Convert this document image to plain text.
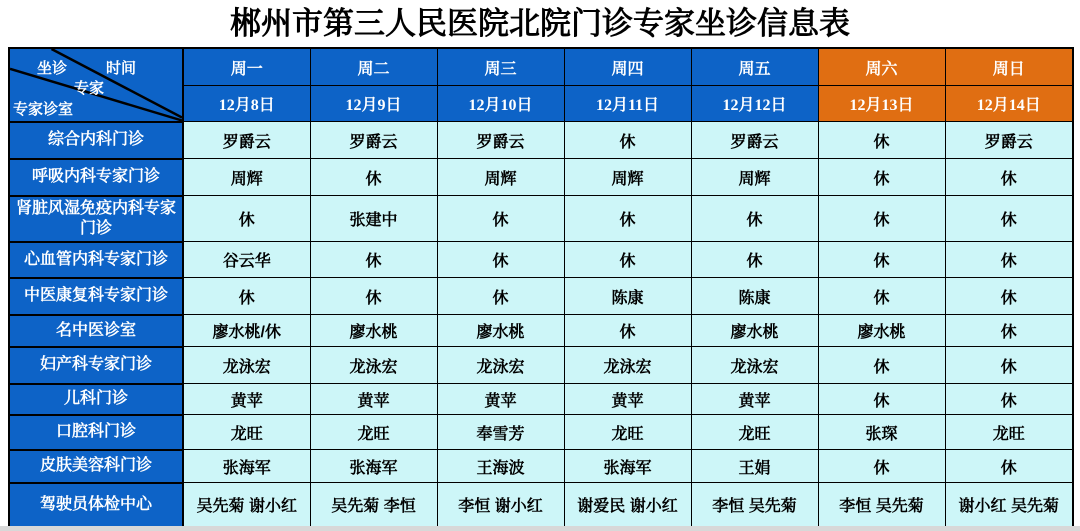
郴州市第三人民医院北院门诊专家坐诊信息表
坐诊 时间
专家
专家诊室	周一	周二	周三	周四	周五	周六	周日
	12月8日	12月9日	12月10日	12月11日	12月12日	12月13日	12月14日
综合内科门诊	罗爵云	罗爵云	罗爵云	休	罗爵云	休	罗爵云
呼吸内科专家门诊	周辉	休	周辉	周辉	周辉	休	休
肾脏风湿免疫内科专家门诊	休	张建中	休	休	休	休	休
心血管内科专家门诊	谷云华	休	休	休	休	休	休
中医康复科专家门诊	休	休	休	陈康	陈康	休	休
名中医诊室	廖水桃/休	廖水桃	廖水桃	休	廖水桃	廖水桃	休
妇产科专家门诊	龙泳宏	龙泳宏	龙泳宏	龙泳宏	龙泳宏	休	休
儿科门诊	黄苹	黄苹	黄苹	黄苹	黄苹	休	休
口腔科门诊	龙旺	龙旺	奉雪芳	龙旺	龙旺	张琛	龙旺
皮肤美容科门诊	张海军	张海军	王海波	张海军	王娟	休	休
驾驶员体检中心	吴先菊 谢小红	吴先菊 李恒	李恒 谢小红	谢爱民 谢小红	李恒 吴先菊	李恒 吴先菊	谢小红 吴先菊
